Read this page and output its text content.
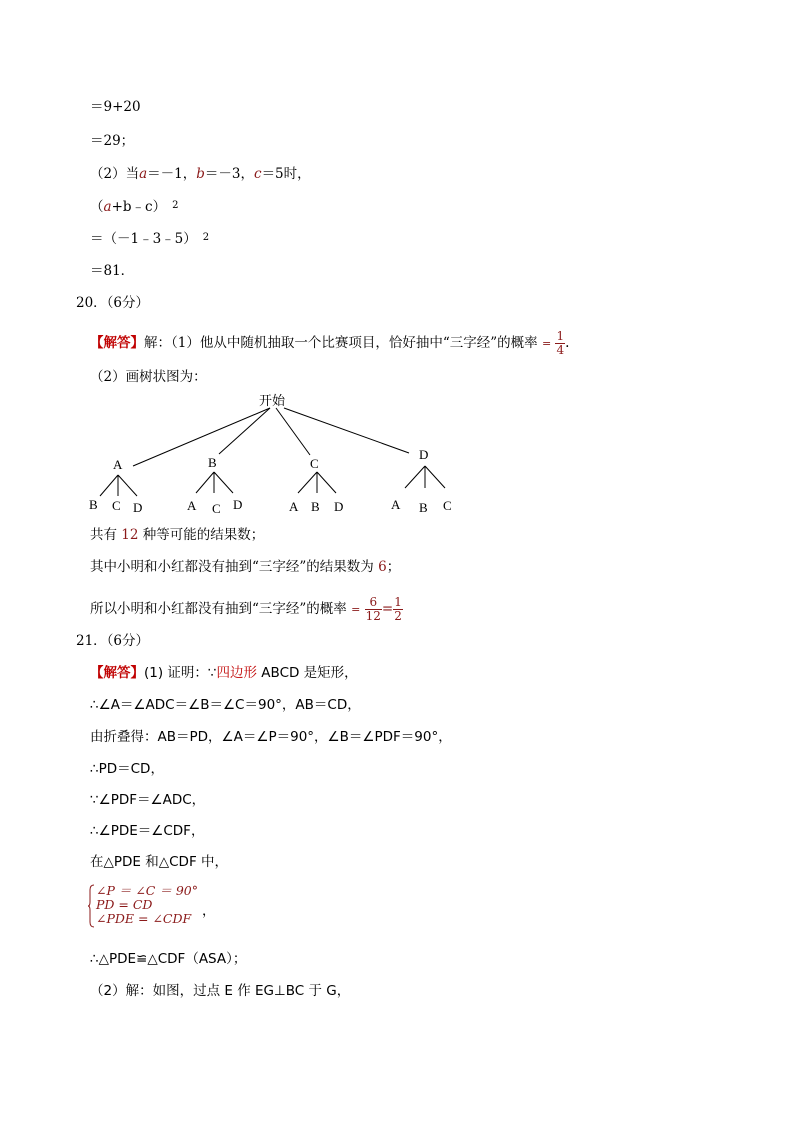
＝9+20
＝29；
（2）当a＝－1，b＝－3，c＝5时，
（a+b﹣c） $^2$
＝（－1﹣3﹣5） $^2$
＝81．
20．（6分）
【解答】解：（1）他从中随机抽取一个比赛项目，恰好抽中“三字经”的概率 = $\frac{1}{4}$ .
（2）画树状图为：
开始
A	B	C
D
B C D	A C D	A B D	A B C
共有 12 种等可能的结果数；
其中小明和小红都没有抽到“三字经”的结果数为 6；
所以小明和小红都没有抽到“三字经”的概率 = $\frac{6}{12} = \frac{1}{2}$
21．（6分）
【解答】(1) 证明：∵四边形 ABCD 是矩形，
∴∠A＝∠ADC＝∠B＝∠C＝90°，AB＝CD，
由折叠得：AB＝PD，∠A＝∠P＝90°，∠B＝∠PDF＝90°，
∴PD＝CD，
∵∠PDF＝∠ADC，
∴∠PDE＝∠CDF，
在△PDE 和△CDF 中，
∠P ＝ ∠C ＝ 90°
PD = CD
∠PDE = ∠CDF ，
∴△PDE≌△CDF（ASA）；
（2）解：如图，过点 E 作 EG⊥BC 于 G，
